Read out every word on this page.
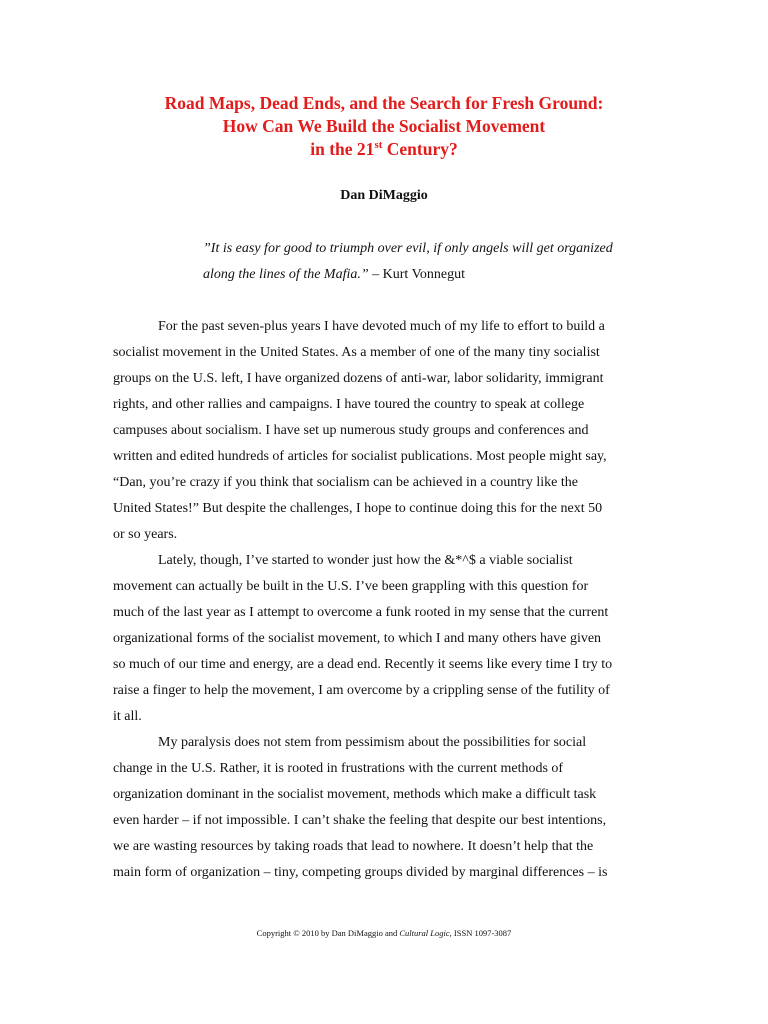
Road Maps, Dead Ends, and the Search for Fresh Ground:
How Can We Build the Socialist Movement
in the 21st Century?
Dan DiMaggio
”It is easy for good to triumph over evil, if only angels will get organized
along the lines of the Mafia.” – Kurt Vonnegut
For the past seven-plus years I have devoted much of my life to effort to build a
socialist movement in the United States. As a member of one of the many tiny socialist
groups on the U.S. left, I have organized dozens of anti-war, labor solidarity, immigrant
rights, and other rallies and campaigns. I have toured the country to speak at college
campuses about socialism. I have set up numerous study groups and conferences and
written and edited hundreds of articles for socialist publications. Most people might say,
“Dan, you’re crazy if you think that socialism can be achieved in a country like the
United States!” But despite the challenges, I hope to continue doing this for the next 50
or so years.
Lately, though, I’ve started to wonder just how the &*^$ a viable socialist
movement can actually be built in the U.S. I’ve been grappling with this question for
much of the last year as I attempt to overcome a funk rooted in my sense that the current
organizational forms of the socialist movement, to which I and many others have given
so much of our time and energy, are a dead end. Recently it seems like every time I try to
raise a finger to help the movement, I am overcome by a crippling sense of the futility of
it all.
My paralysis does not stem from pessimism about the possibilities for social
change in the U.S. Rather, it is rooted in frustrations with the current methods of
organization dominant in the socialist movement, methods which make a difficult task
even harder – if not impossible. I can’t shake the feeling that despite our best intentions,
we are wasting resources by taking roads that lead to nowhere. It doesn’t help that the
main form of organization – tiny, competing groups divided by marginal differences – is
Copyright © 2010 by Dan DiMaggio and Cultural Logic, ISSN 1097-3087
